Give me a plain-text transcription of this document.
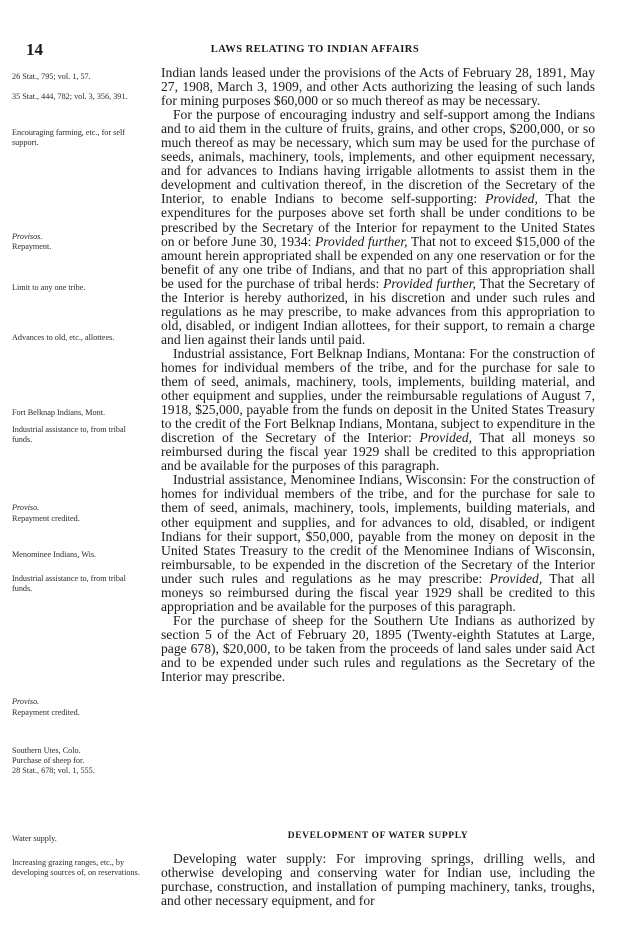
14	LAWS RELATING TO INDIAN AFFAIRS
26 Stat., 795; vol. 1, 57.
35 Stat., 444, 782; vol. 3, 356, 391.
Encouraging farming, etc., for self support.
Provisos.
Repayment.
Limit to any one tribe.
Advances to old, etc., allottees.
Fort Belknap Indians, Mont.
Industrial assistance to, from tribal funds.
Proviso.
Repayment credited.
Menominee Indians, Wis.
Industrial assistance to, from tribal funds.
Proviso.
Repayment credited.
Southern Utes, Colo.
Purchase of sheep for.
28 Stat., 678; vol. 1, 555.
Water supply.
Increasing grazing ranges, etc., by developing sources of, on reservations.

Indian lands leased under the provisions of the Acts of February 28, 1891, May 27, 1908, March 3, 1909, and other Acts authorizing the leasing of such lands for mining purposes $60,000 or so much thereof as may be necessary.

For the purpose of encouraging industry and self-support among the Indians and to aid them in the culture of fruits, grains, and other crops, $200,000, or so much thereof as may be necessary, which sum may be used for the purchase of seeds, animals, machinery, tools, implements, and other equipment necessary, and for advances to Indians having irrigable allotments to assist them in the development and cultivation thereof, in the discretion of the Secretary of the Interior, to enable Indians to become self-supporting: Provided, That the expenditures for the purposes above set forth shall be under conditions to be prescribed by the Secretary of the Interior for repayment to the United States on or before June 30, 1934: Provided further, That not to exceed $15,000 of the amount herein appropriated shall be expended on any one reservation or for the benefit of any one tribe of Indians, and that no part of this appropriation shall be used for the purchase of tribal herds: Provided further, That the Secretary of the Interior is hereby authorized, in his discretion and under such rules and regulations as he may prescribe, to make advances from this appropriation to old, disabled, or indigent Indian allottees, for their support, to remain a charge and lien against their lands until paid.

Industrial assistance, Fort Belknap Indians, Montana: For the construction of homes for individual members of the tribe, and for the purchase for sale to them of seed, animals, machinery, tools, implements, building material, and other equipment and supplies, under the reimbursable regulations of August 7, 1918, $25,000, payable from the funds on deposit in the United States Treasury to the credit of the Fort Belknap Indians, Montana, subject to expenditure in the discretion of the Secretary of the Interior: Provided, That all moneys so reimbursed during the fiscal year 1929 shall be credited to this appropriation and be available for the purposes of this paragraph.

Industrial assistance, Menominee Indians, Wisconsin: For the construction of homes for individual members of the tribe, and for the purchase for sale to them of seed, animals, machinery, tools, implements, building materials, and other equipment and supplies, and for advances to old, disabled, or indigent Indians for their support, $50,000, payable from the money on deposit in the United States Treasury to the credit of the Menominee Indians of Wisconsin, reimbursable, to be expended in the discretion of the Secretary of the Interior under such rules and regulations as he may prescribe: Provided, That all moneys so reimbursed during the fiscal year 1929 shall be credited to this appropriation and be available for the purposes of this paragraph.

For the purchase of sheep for the Southern Ute Indians as authorized by section 5 of the Act of February 20, 1895 (Twenty-eighth Statutes at Large, page 678), $20,000, to be taken from the proceeds of land sales under said Act and to be expended under such rules and regulations as the Secretary of the Interior may prescribe.

DEVELOPMENT OF WATER SUPPLY

Developing water supply: For improving springs, drilling wells, and otherwise developing and conserving water for Indian use, including the purchase, construction, and installation of pumping machinery, tanks, troughs, and other necessary equipment, and for
